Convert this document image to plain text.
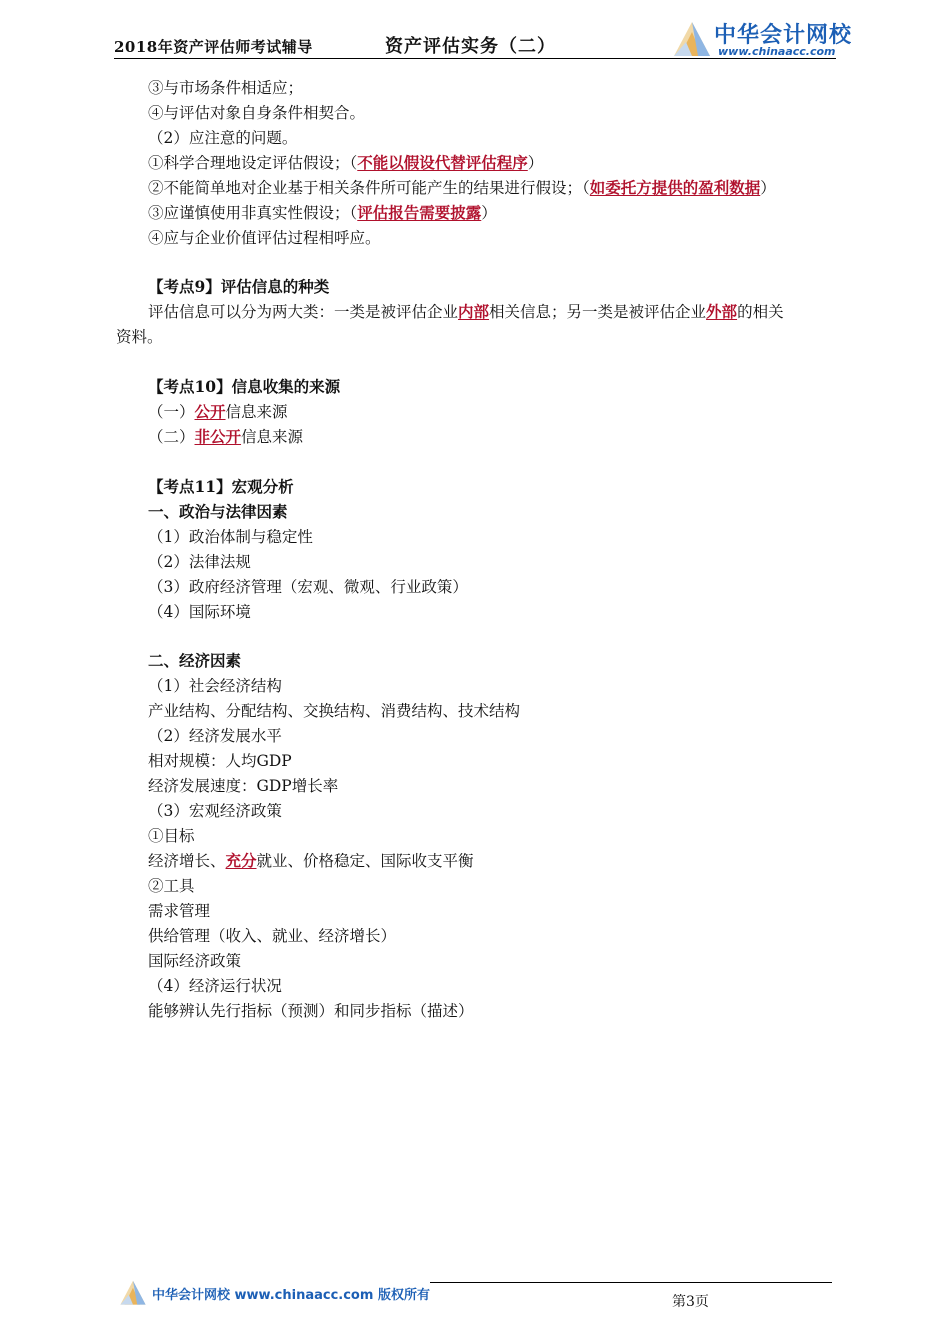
2018年资产评估师考试辅导	资产评估实务（二）	中华会计网校
www.chinaacc.com
③与市场条件相适应；
④与评估对象自身条件相契合。
（2）应注意的问题。
①科学合理地设定评估假设；（不能以假设代替评估程序）
②不能简单地对企业基于相关条件所可能产生的结果进行假设；（如委托方提供的盈利数据）
③应谨慎使用非真实性假设；（评估报告需要披露）
④应与企业价值评估过程相呼应。
【考点9】评估信息的种类
评估信息可以分为两大类：一类是被评估企业内部相关信息；另一类是被评估企业外部的相关
资料。
【考点10】信息收集的来源
（一）公开信息来源
（二）非公开信息来源
【考点11】宏观分析
一、政治与法律因素
（1）政治体制与稳定性
（2）法律法规
（3）政府经济管理（宏观、微观、行业政策）
（4）国际环境
二、经济因素
（1）社会经济结构
产业结构、分配结构、交换结构、消费结构、技术结构
（2）经济发展水平
相对规模：人均GDP
经济发展速度：GDP增长率
（3）宏观经济政策
①目标
经济增长、充分就业、价格稳定、国际收支平衡
②工具
需求管理
供给管理（收入、就业、经济增长）
国际经济政策
（4）经济运行状况
能够辨认先行指标（预测）和同步指标（描述）
中华会计网校 www.chinaacc.com 版权所有	第3页
